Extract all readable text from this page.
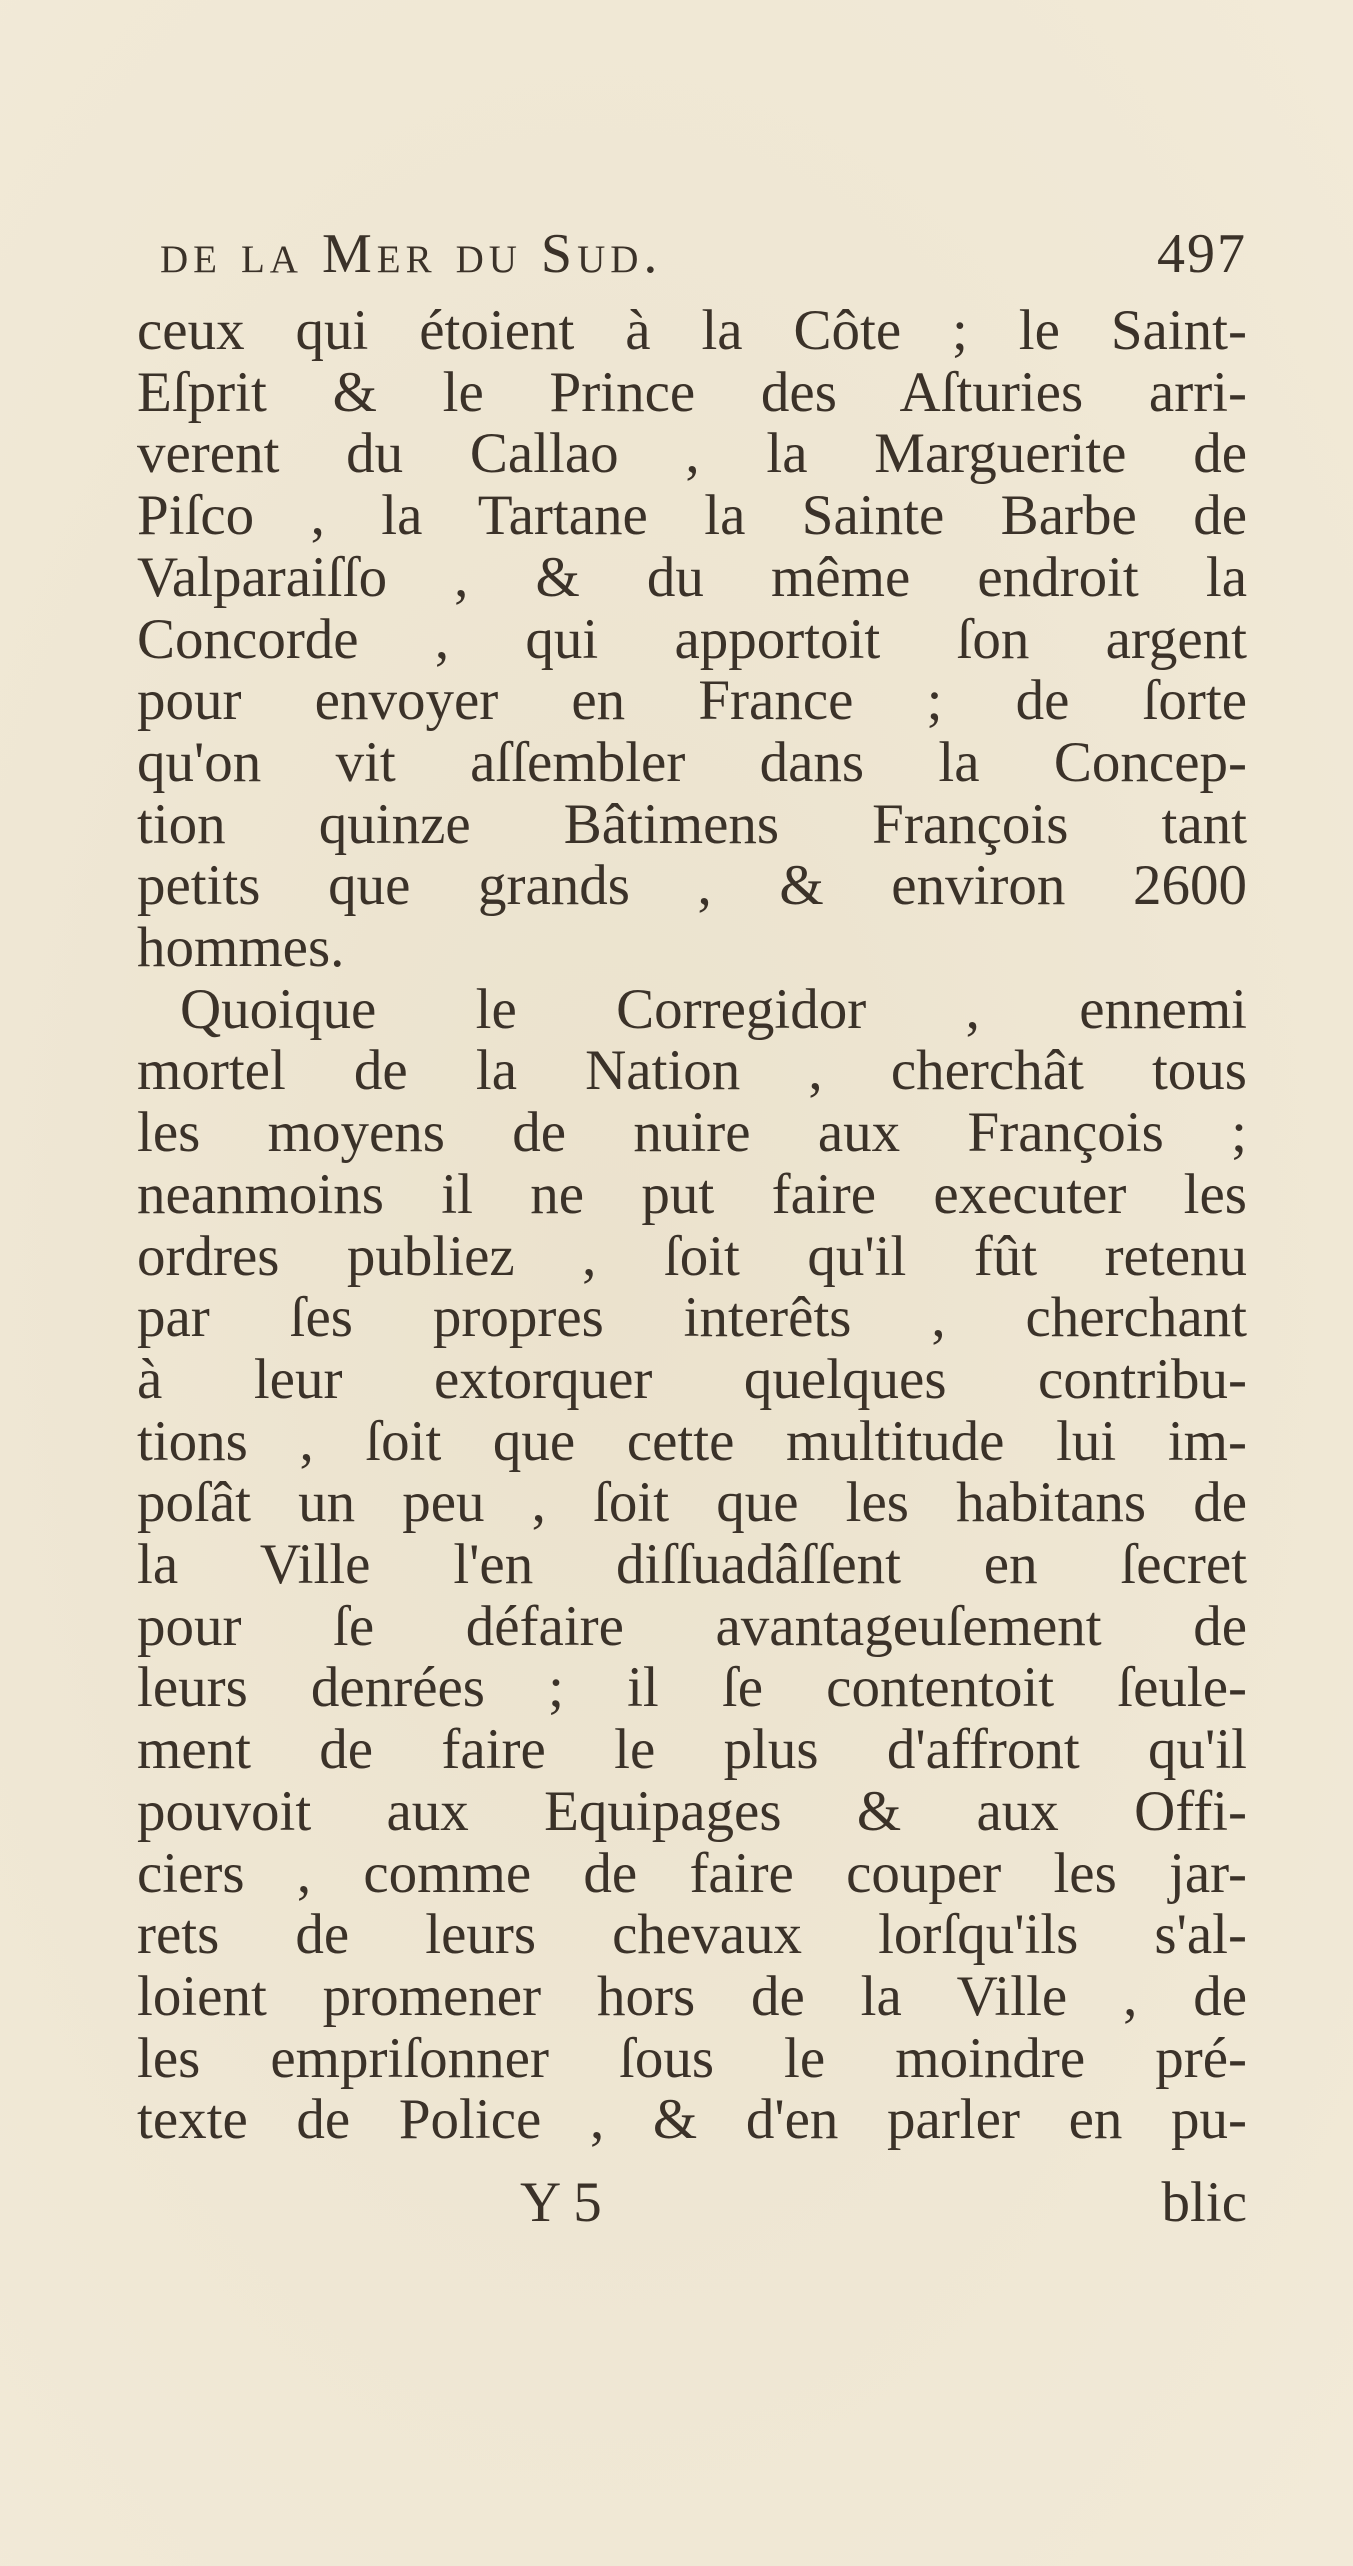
de la Mer du Sud.	497
ceux qui étoient à la Côte ; le Saint-
Eſprit & le Prince des Aſturies arri-
verent du Callao , la Marguerite de
Piſco , la Tartane la Sainte Barbe de
Valparaiſſo , & du même endroit la
Concorde , qui apportoit ſon argent
pour envoyer en France ; de ſorte
qu'on vit aſſembler dans la Concep-
tion quinze Bâtimens François tant
petits que grands , & environ 2600
hommes.
Quoique le Corregidor , ennemi
mortel de la Nation , cherchât tous
les moyens de nuire aux François ;
neanmoins il ne put faire executer les
ordres publiez , ſoit qu'il fût retenu
par ſes propres interêts , cherchant
à leur extorquer quelques contribu-
tions , ſoit que cette multitude lui im-
poſât un peu , ſoit que les habitans de
la Ville l'en diſſuadâſſent en ſecret
pour ſe défaire avantageuſement de
leurs denrées ; il ſe contentoit ſeule-
ment de faire le plus d'affront qu'il
pouvoit aux Equipages & aux Offi-
ciers , comme de faire couper les jar-
rets de leurs chevaux lorſqu'ils s'al-
loient promener hors de la Ville , de
les empriſonner ſous le moindre pré-
texte de Police , & d'en parler en pu-
Y 5	blic
